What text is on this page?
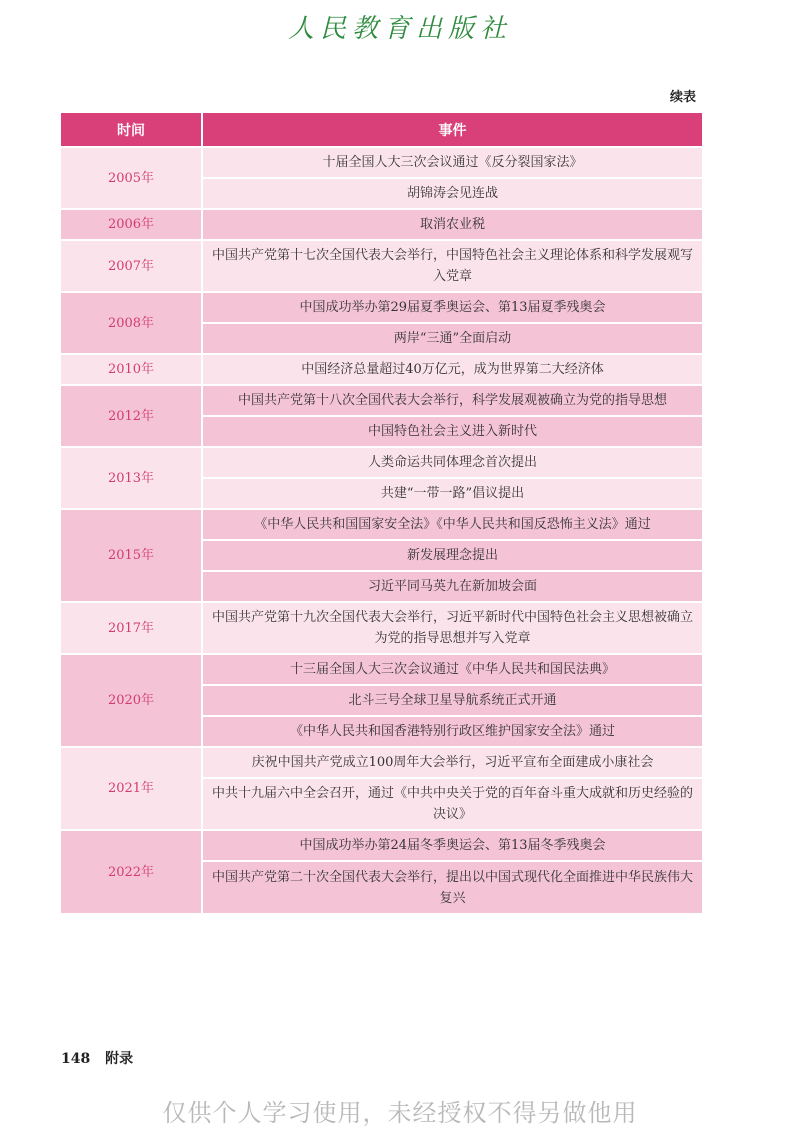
人民教育出版社
续表
时间	事件
2005年	十届全国人大三次会议通过《反分裂国家法》
	胡锦涛会见连战
2006年	取消农业税
2007年	中国共产党第十七次全国代表大会举行，中国特色社会主义理论体系和科学发展观写入党章
2008年	中国成功举办第29届夏季奥运会、第13届夏季残奥会
	两岸“三通”全面启动
2010年	中国经济总量超过40万亿元，成为世界第二大经济体
2012年	中国共产党第十八次全国代表大会举行，科学发展观被确立为党的指导思想
	中国特色社会主义进入新时代
2013年	人类命运共同体理念首次提出
	共建“一带一路”倡议提出
2015年	《中华人民共和国国家安全法》《中华人民共和国反恐怖主义法》通过
	新发展理念提出
	习近平同马英九在新加坡会面
2017年	中国共产党第十九次全国代表大会举行，习近平新时代中国特色社会主义思想被确立为党的指导思想并写入党章
2020年	十三届全国人大三次会议通过《中华人民共和国民法典》
	北斗三号全球卫星导航系统正式开通
	《中华人民共和国香港特别行政区维护国家安全法》通过
2021年	庆祝中国共产党成立100周年大会举行，习近平宣布全面建成小康社会
	中共十九届六中全会召开，通过《中共中央关于党的百年奋斗重大成就和历史经验的决议》
2022年	中国成功举办第24届冬季奥运会、第13届冬季残奥会
	中国共产党第二十次全国代表大会举行，提出以中国式现代化全面推进中华民族伟大复兴
148 附录
仅供个人学习使用，未经授权不得另做他用
